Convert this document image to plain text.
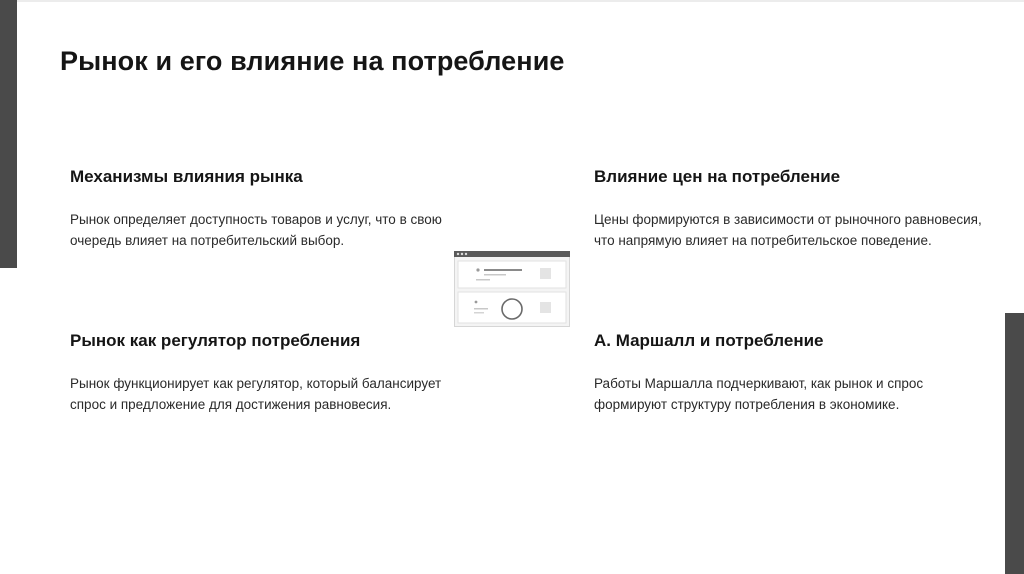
Рынок и его влияние на потребление
Механизмы влияния рынка

Рынок определяет доступность товаров и услуг, что в свою очередь влияет на потребительский выбор.

Влияние цен на потребление

Цены формируются в зависимости от рыночного равновесия, что напрямую влияет на потребительское поведение.

Рынок как регулятор потребления

Рынок функционирует как регулятор, который балансирует спрос и предложение для достижения равновесия.

А. Маршалл и потребление

Работы Маршалла подчеркивают, как рынок и спрос формируют структуру потребления в экономике.
